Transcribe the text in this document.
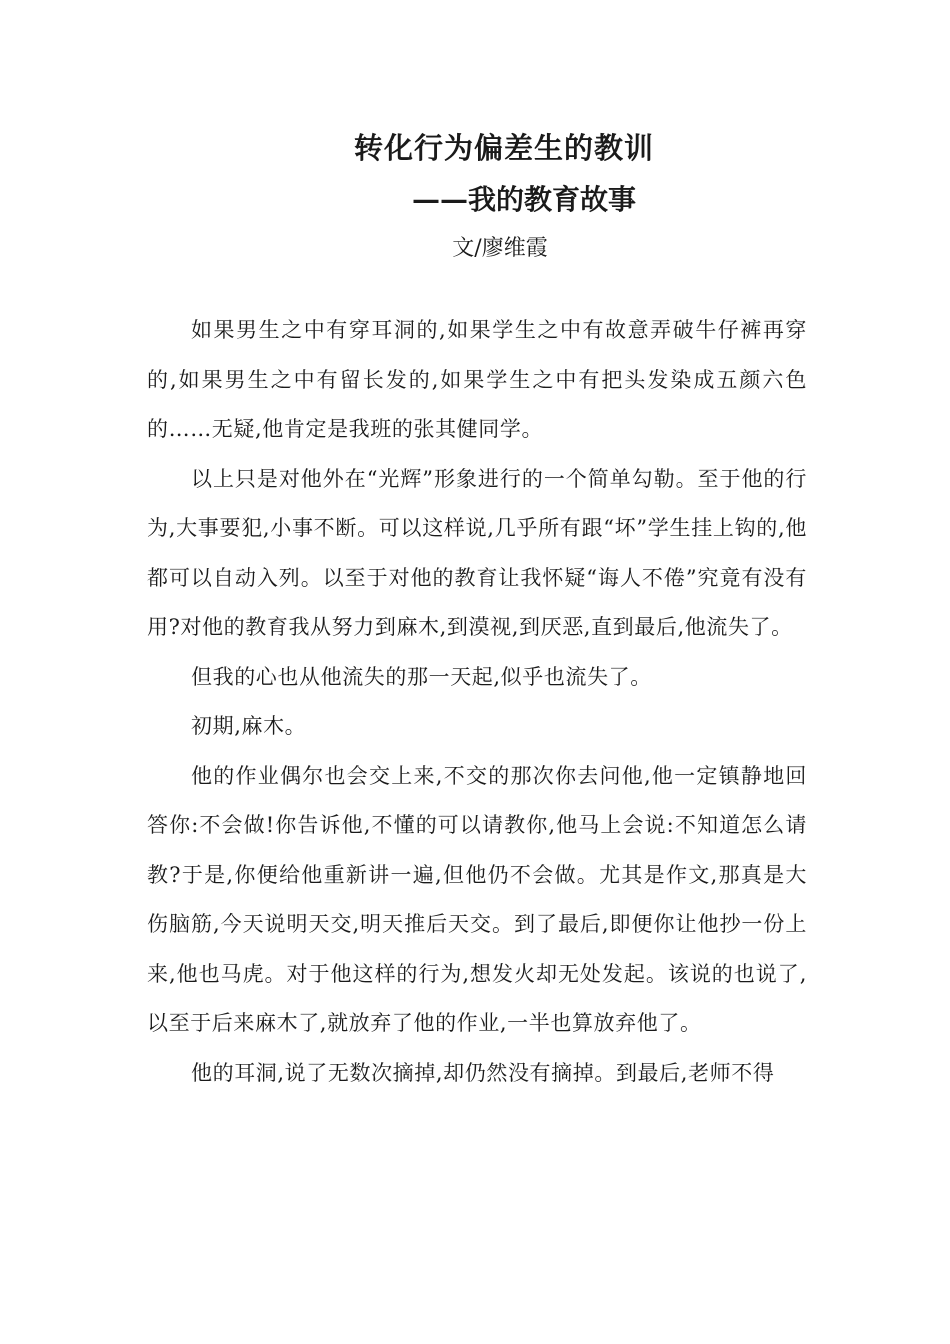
转化行为偏差生的教训
——我的教育故事
文/廖维霞

如果男生之中有穿耳洞的,如果学生之中有故意弄破牛仔裤再穿的,如果男生之中有留长发的,如果学生之中有把头发染成五颜六色的……无疑,他肯定是我班的张其健同学。

以上只是对他外在“光辉”形象进行的一个简单勾勒。至于他的行为,大事要犯,小事不断。可以这样说,几乎所有跟“坏”学生挂上钩的,他都可以自动入列。以至于对他的教育让我怀疑“诲人不倦”究竟有没有用?对他的教育我从努力到麻木,到漠视,到厌恶,直到最后,他流失了。

但我的心也从他流失的那一天起,似乎也流失了。

初期,麻木。

他的作业偶尔也会交上来,不交的那次你去问他,他一定镇静地回答你:不会做!你告诉他,不懂的可以请教你,他马上会说:不知道怎么请教?于是,你便给他重新讲一遍,但他仍不会做。尤其是作文,那真是大伤脑筋,今天说明天交,明天推后天交。到了最后,即便你让他抄一份上来,他也马虎。对于他这样的行为,想发火却无处发起。该说的也说了,以至于后来麻木了,就放弃了他的作业,一半也算放弃他了。

他的耳洞,说了无数次摘掉,却仍然没有摘掉。到最后,老师不得
